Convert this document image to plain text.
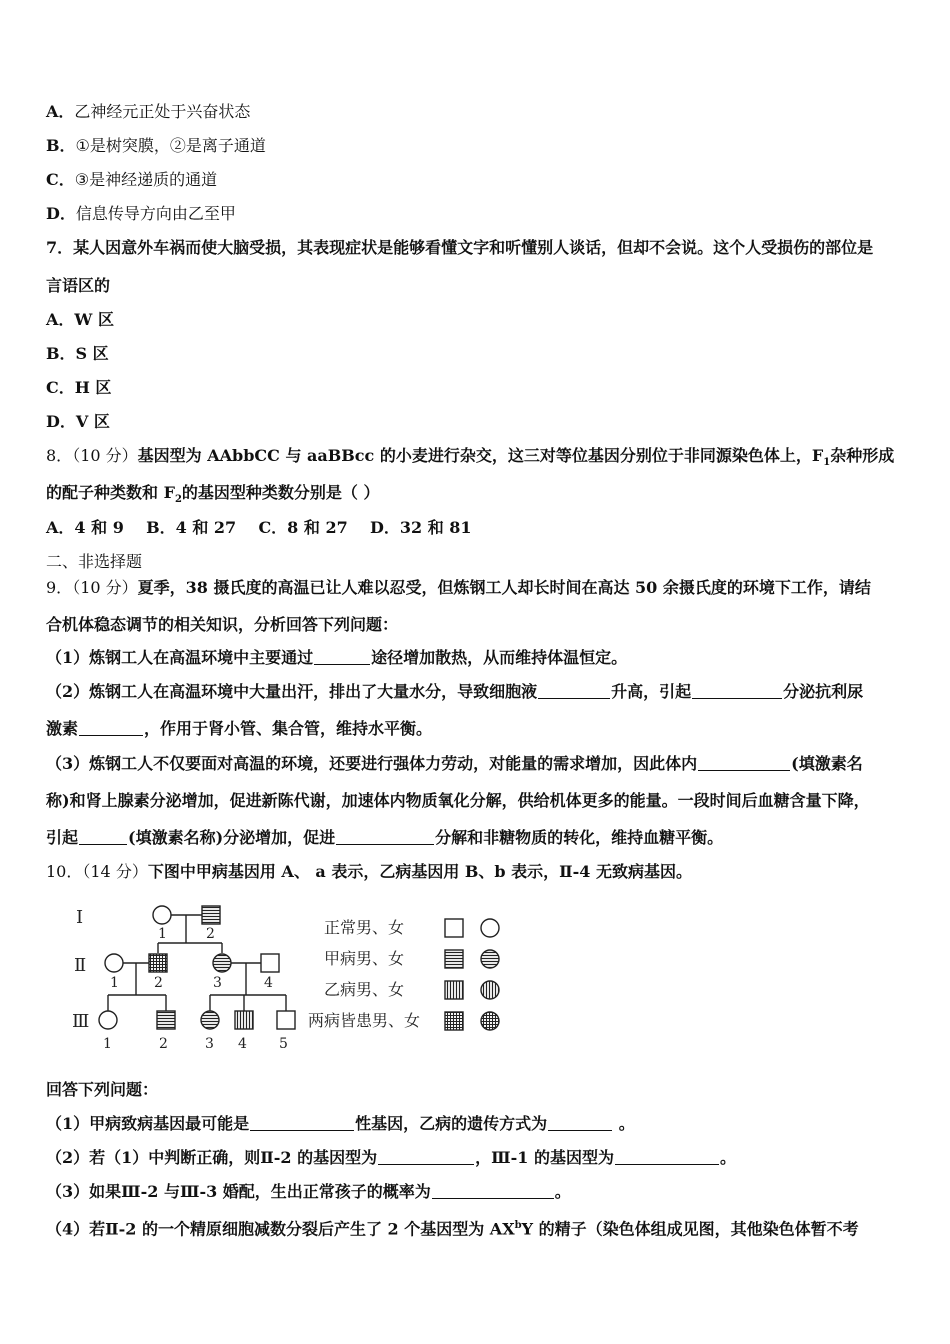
A．乙神经元正处于兴奋状态
B．①是树突膜，②是离子通道
C．③是神经递质的通道
D．信息传导方向由乙至甲
7．某人因意外车祸而使大脑受损，其表现症状是能够看懂文字和听懂别人谈话，但却不会说。这个人受损伤的部位是
言语区的
A．W 区
B．S 区
C．H 区
D．V 区
8．（10 分）基因型为 AAbbCC 与 aaBBcc 的小麦进行杂交，这三对等位基因分别位于非同源染色体上，$F_1$杂种形成
的配子种类数和 $F_2$的基因型种类数分别是（ ）
A．4 和 9    B．4 和 27    C．8 和 27    D．32 和 81
二、非选择题
9．（10 分）夏季，38 摄氏度的高温已让人难以忍受，但炼钢工人却长时间在高达 50 余摄氏度的环境下工作，请结
合机体稳态调节的相关知识，分析回答下列问题：
（1）炼钢工人在高温环境中主要通过	途径增加散热，从而维持体温恒定。
（2）炼钢工人在高温环境中大量出汗，排出了大量水分，导致细胞液	升高，引起	分泌抗利尿
激素	，作用于肾小管、集合管，维持水平衡。
（3）炼钢工人不仅要面对高温的环境，还要进行强体力劳动，对能量的需求增加，因此体内	(填激素名
称)和肾上腺素分泌增加，促进新陈代谢，加速体内物质氧化分解，供给机体更多的能量。一段时间后血糖含量下降，
引起	(填激素名称)分泌增加，促进	分解和非糖物质的转化，维持血糖平衡。
10．（14 分）下图中甲病基因用 A、 a 表示，乙病基因用 B、b 表示，Ⅱ-4 无致病基因。
Ⅰ
Ⅱ
Ⅲ
1	2
1	2	3	4
1	2	3 4 5
正常男、女
甲病男、女
乙病男、女
两病皆患男、女
回答下列问题：
（1）甲病致病基因最可能是	性基因，乙病的遗传方式为	。
（2）若（1）中判断正确，则Ⅱ-2 的基因型为	，Ⅲ-1 的基因型为	。
（3）如果Ⅲ-2 与Ⅲ-3 婚配，生出正常孩子的概率为	。
（4）若Ⅱ-2 的一个精原细胞减数分裂后产生了 2 个基因型为 $AX^bY$ 的精子（染色体组成见图，其他染色体暂不考
